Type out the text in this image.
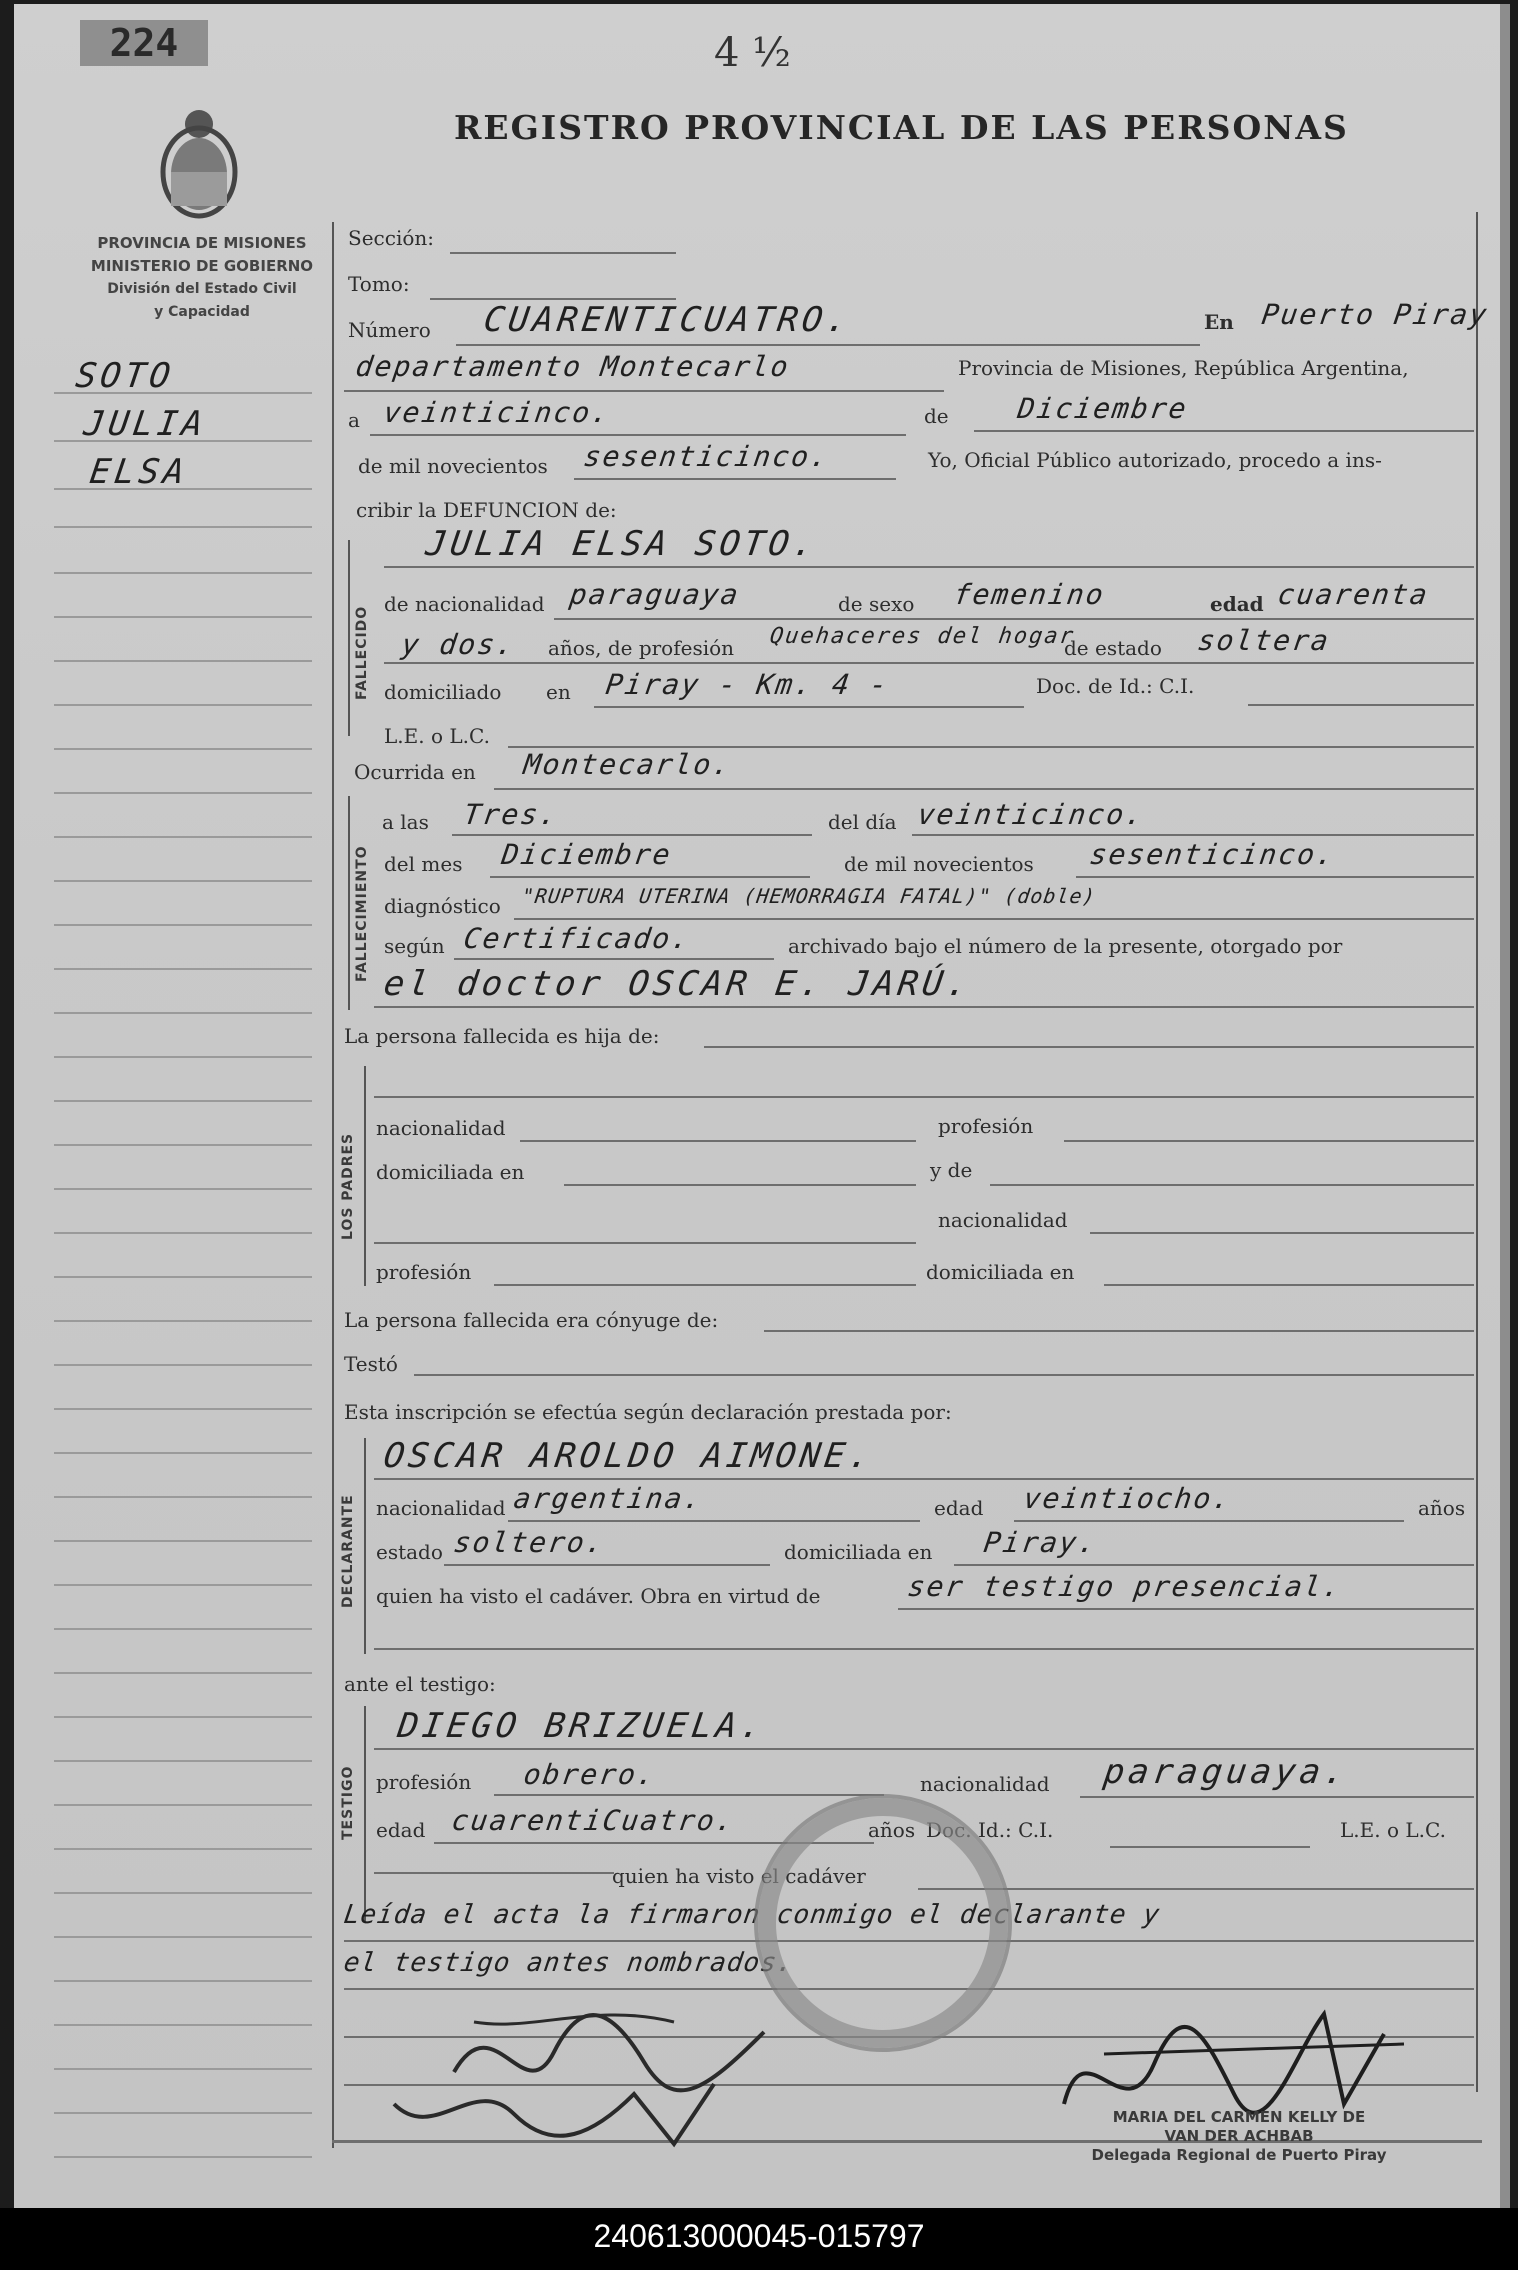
224	4 ½
REGISTRO PROVINCIAL DE LAS PERSONAS
PROVINCIA DE MISIONES
MINISTERIO DE GOBIERNO
División del Estado Civil
y Capacidad
SOTO
JULIA
ELSA
Sección:
Tomo:
Número CUARENTICUATRO.	En Puerto Piray
departamento Montecarlo	Provincia de Misiones, República Argentina,
a veinticinco.	de Diciembre
de mil novecientos sesenticinco.	Yo, Oficial Público autorizado, procedo a ins-
cribir la DEFUNCION de:
FALLECIDO
JULIA ELSA SOTO.
de nacionalidad paraguaya	de sexo femenino	edad cuarenta
y dos. años, de profesión Quehaceres del hogar
de estado soltera
domiciliado en Piray - Km. 4 -	Doc. de Id.: C.I.
L.E. o L.C.
Ocurrida en Montecarlo.
FALLECIMIENTO
a las Tres.	del día veinticinco.
del mes Diciembre	de mil novecientos sesenticinco.
diagnóstico "RUPTURA UTERINA (HEMORRAGIA FATAL)" (doble)
según Certificado.	archivado bajo el número de la presente, otorgado por
el doctor OSCAR E. JARÚ.
La persona fallecida es hija de:
LOS PADRES
nacionalidad	profesión
domiciliada en	y de
nacionalidad
profesión	domiciliada en
La persona fallecida era cónyuge de:
Testó
Esta inscripción se efectúa según declaración prestada por:
DECLARANTE
OSCAR AROLDO AIMONE.
nacionalidad argentina.	edad veintiocho.	años
estado soltero.	domiciliada en Piray.
quien ha visto el cadáver. Obra en virtud de	ser testigo presencial.
ante el testigo:
TESTIGO
DIEGO BRIZUELA.
profesión obrero.	nacionalidad paraguaya.
edad cuarentiCuatro.	años Doc. Id.: C.I.	L.E. o L.C.
quien ha visto el cadáver
Leída el acta la firmaron conmigo el declarante y
el testigo antes nombrados.
MARIA DEL CARMEN KELLY DE
VAN DER ACHBAB
Delegada Regional de Puerto Piray
240613000045-015797
